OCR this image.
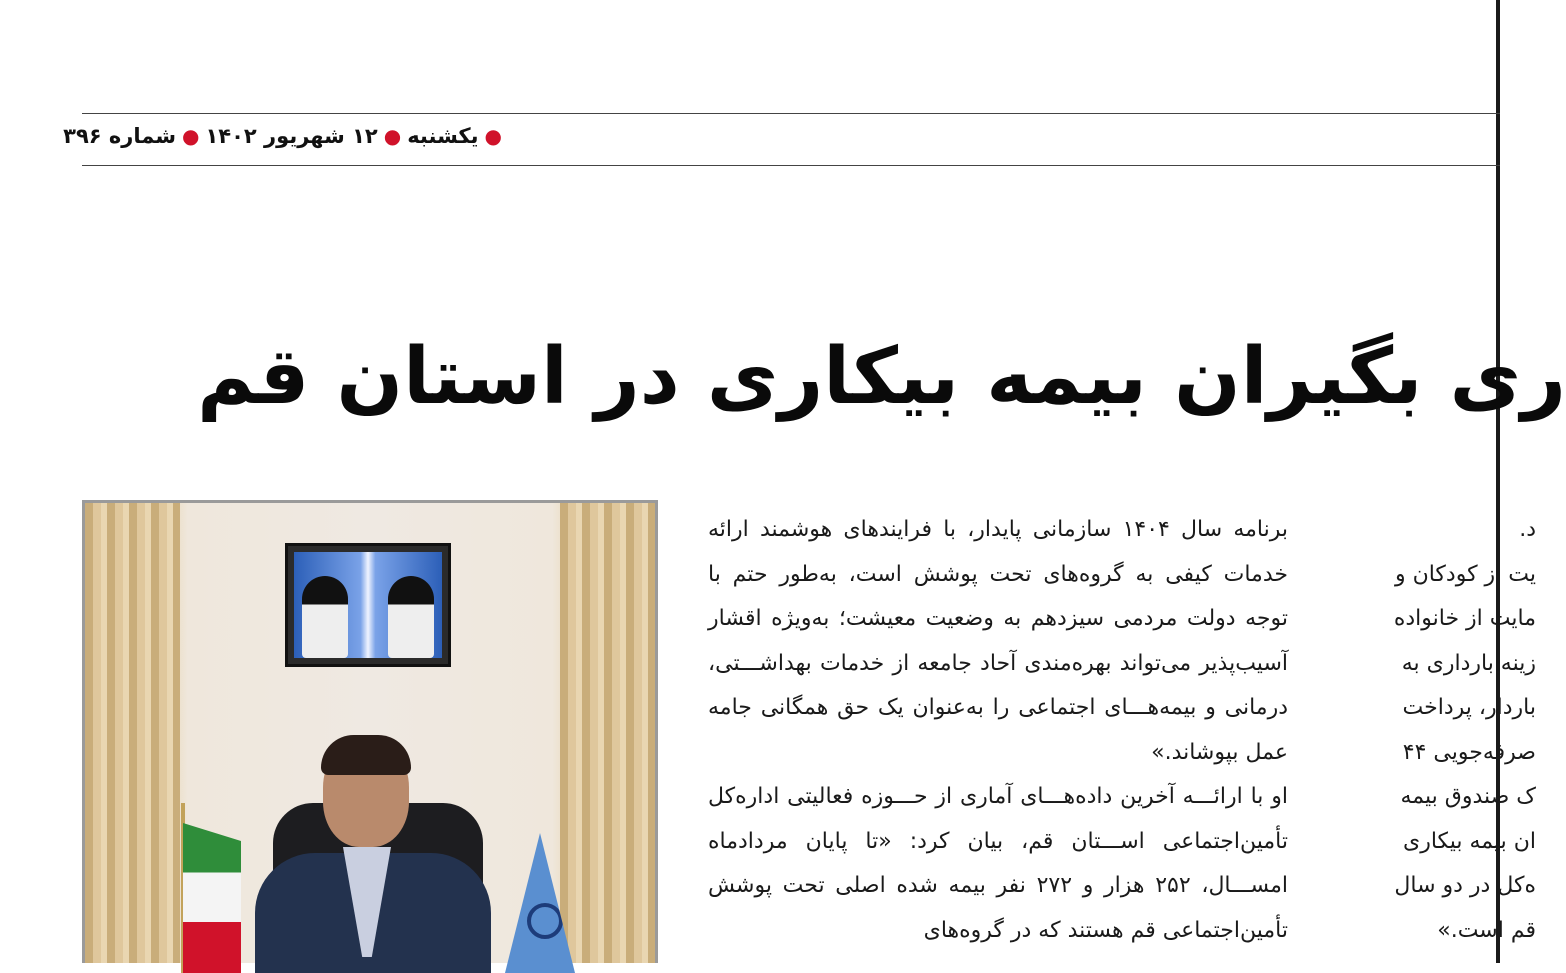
●
یکشنبه
●
۱۲ شهریور ۱۴۰۲
●
شماره ۳۹۶
ری بگیران بیمه بیکاری در استان قم

برنامه سال ۱۴۰۴ سازمانی پایدار، با فرایندهای هوشمند ارائه خدمات کیفی به گروه‌های تحت پوشش است، به‌طور حتم با توجه دولت مردمی سیزدهم به وضعیت معیشت؛ به‌ویژه اقشار آسیب‌پذیر می‌تواند بهره‌مندی آحاد جامعه از خدمات بهداشـــتی، درمانی و بیمه‌هـــای اجتماعی را به‌عنوان یک حق همگانی جامه عمل بپوشاند.»

او با ارائـــه آخرین داده‌هـــای آماری از حـــوزه فعالیتی اداره‌کل تأمین‌اجتماعی اســـتان قم، بیان کرد: «تا پایان مردادماه امســـال، ۲۵۲ هزار و ۲۷۲ نفر بیمه شده اصلی تحت پوشش تأمین‌اجتماعی قم هستند که در گروه‌های

د.
یت از کودکان و
مایت از خانواده
زینه بارداری به
باردار، پرداخت
صرفه‌جویی ۴۴
ک صندوق بیمه
ان بیمه بیکاری
ه‌کل در دو سال
قم است.»
